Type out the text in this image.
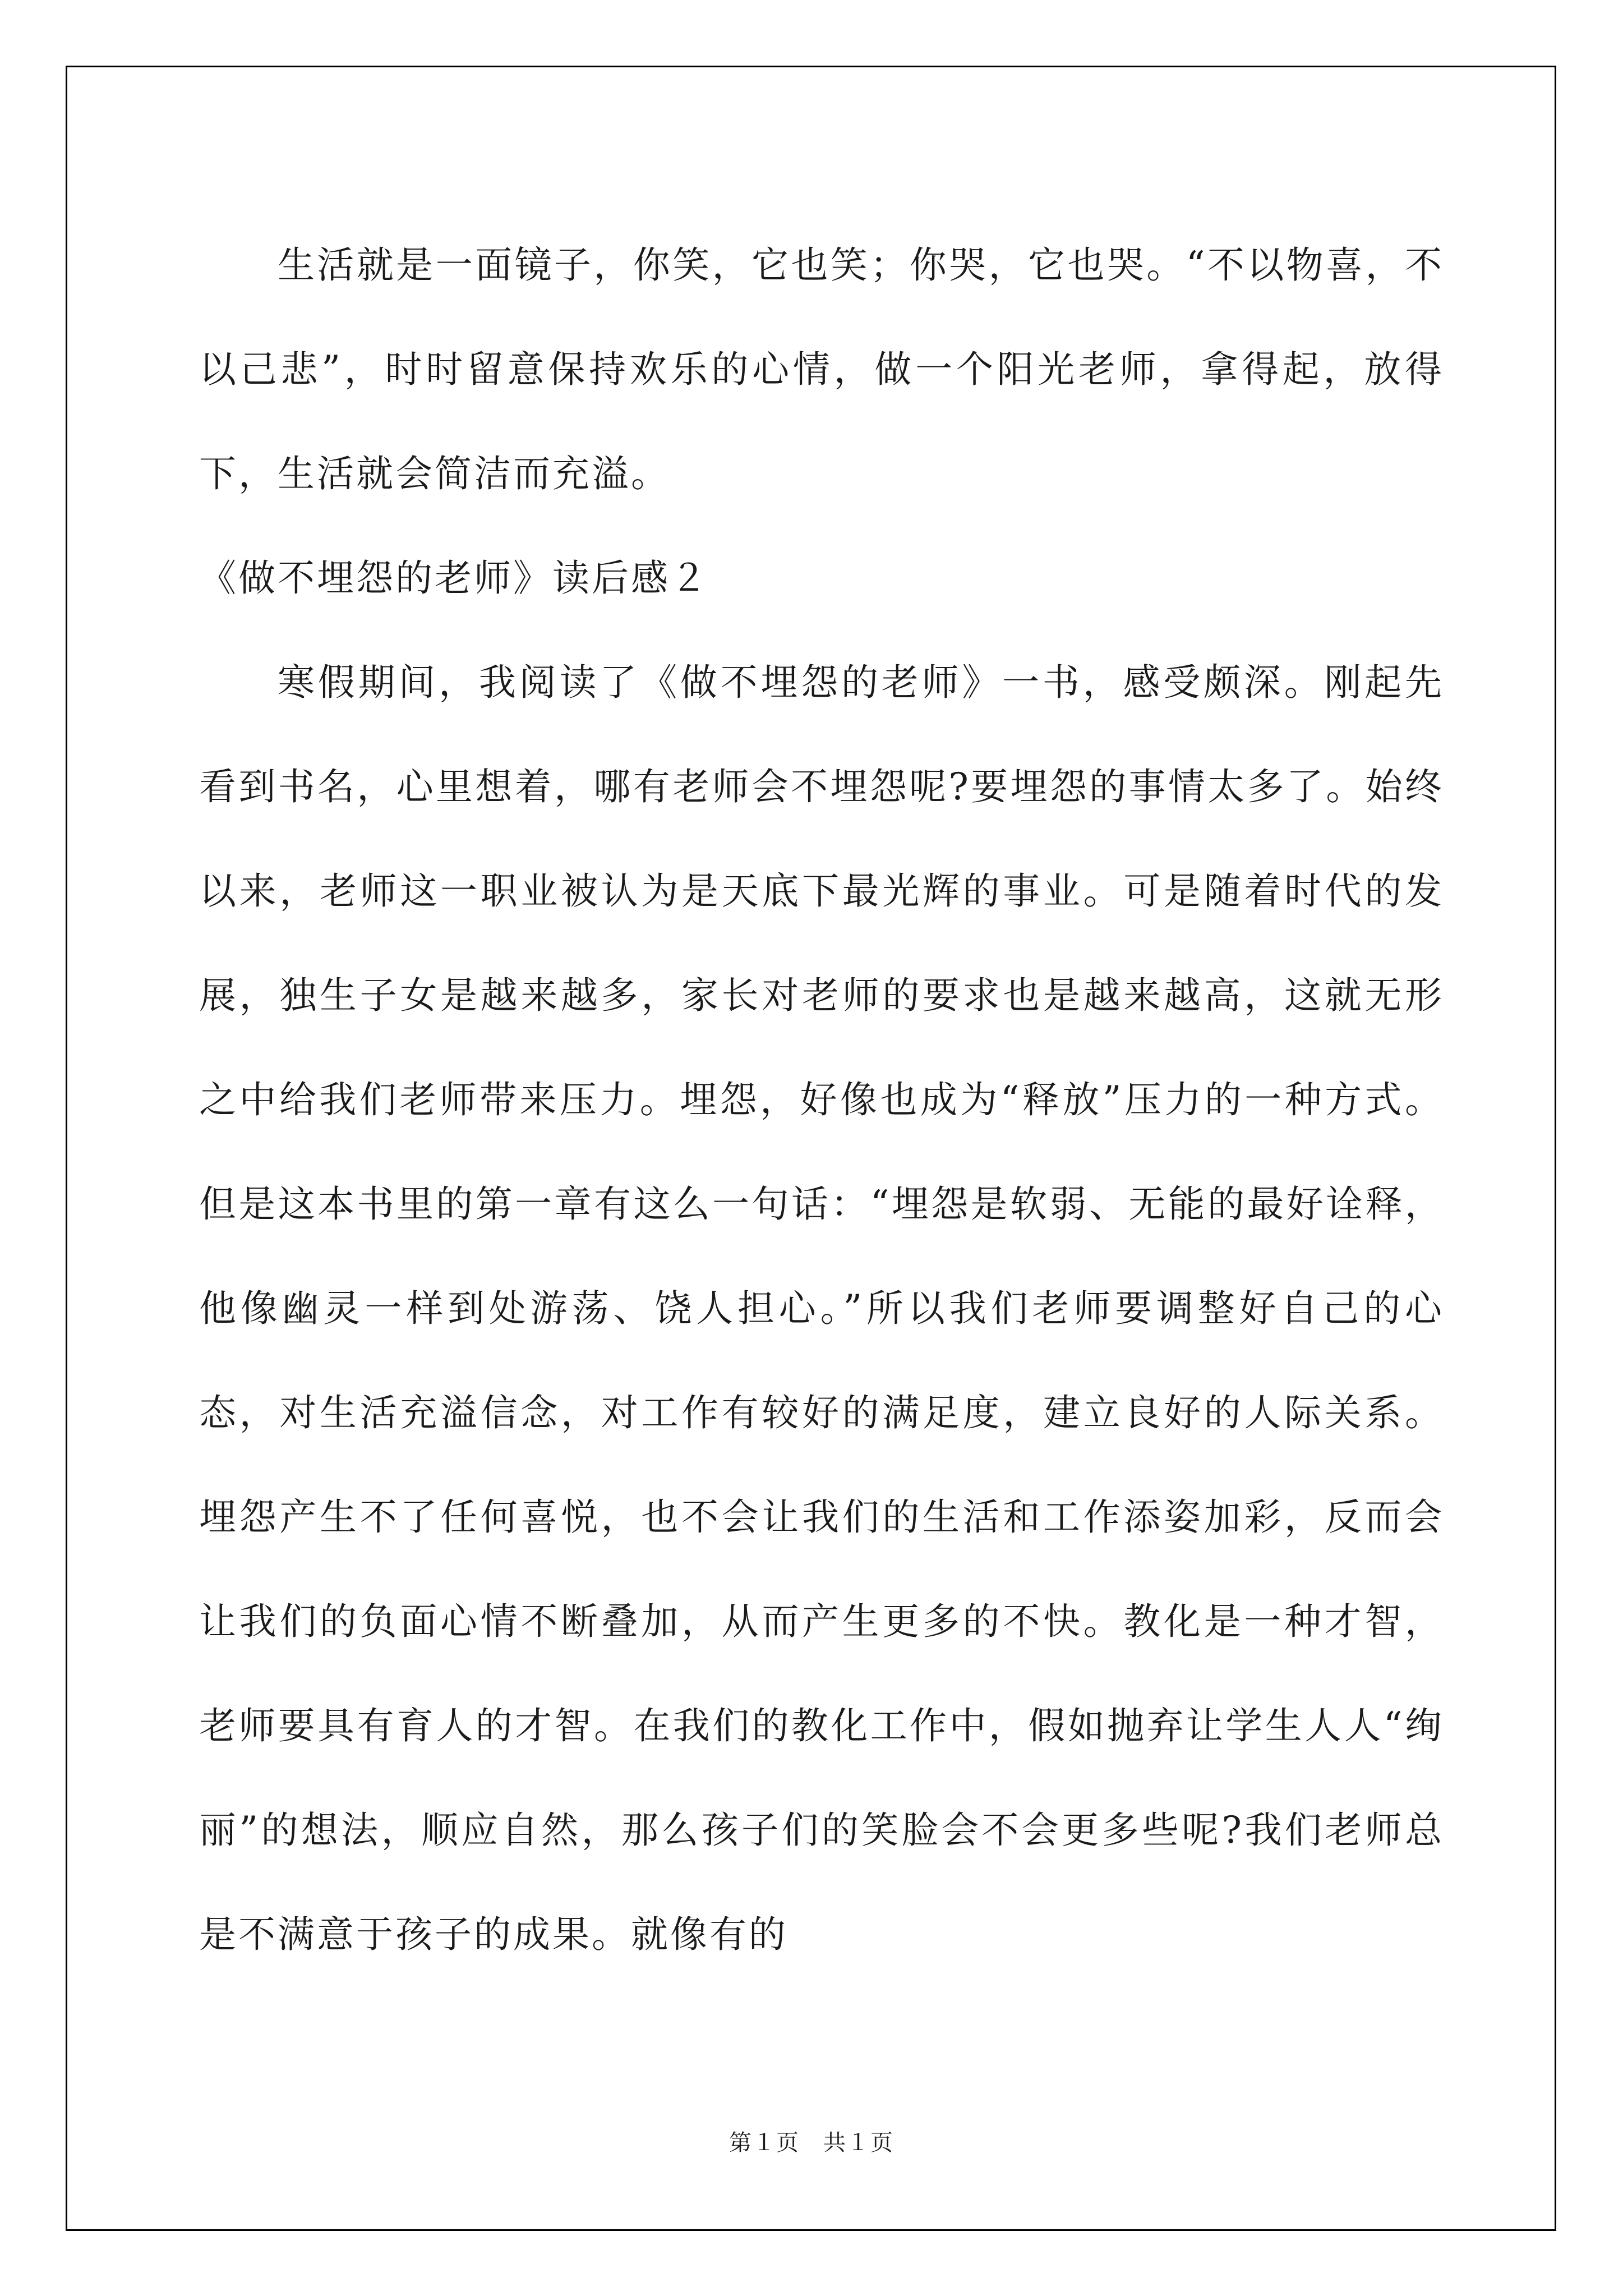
生活就是一面镜子，你笑，它也笑；你哭，它也哭。“不以物喜，不以己悲”，时时留意保持欢乐的心情，做一个阳光老师，拿得起，放得下，生活就会简洁而充溢。

《做不埋怨的老师》读后感２

寒假期间，我阅读了《做不埋怨的老师》一书，感受颇深。刚起先看到书名，心里想着，哪有老师会不埋怨呢?要埋怨的事情太多了。始终以来，老师这一职业被认为是天底下最光辉的事业。可是随着时代的发展，独生子女是越来越多，家长对老师的要求也是越来越高，这就无形之中给我们老师带来压力。埋怨，好像也成为“释放”压力的一种方式。但是这本书里的第一章有这么一句话：“埋怨是软弱、无能的最好诠释，他像幽灵一样到处游荡、饶人担心。”所以我们老师要调整好自己的心态，对生活充溢信念，对工作有较好的满足度，建立良好的人际关系。埋怨产生不了任何喜悦，也不会让我们的生活和工作添姿加彩，反而会让我们的负面心情不断叠加，从而产生更多的不快。教化是一种才智，老师要具有育人的才智。在我们的教化工作中，假如抛弃让学生人人“绚丽”的想法，顺应自然，那么孩子们的笑脸会不会更多些呢?我们老师总是不满意于孩子的成果。就像有的

第１页　共１页
